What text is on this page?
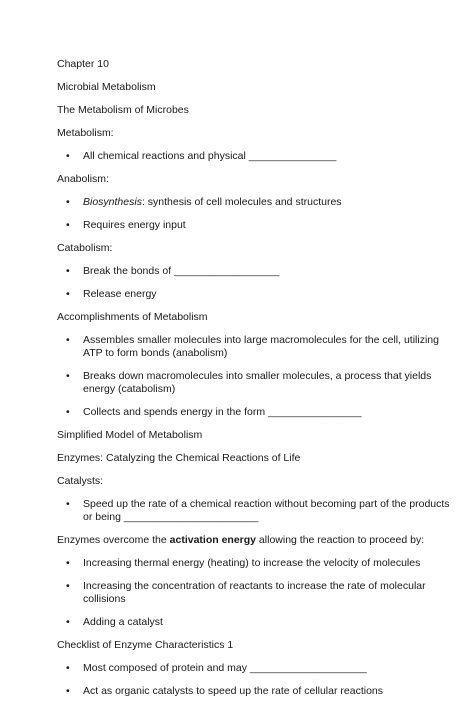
Chapter 10
Microbial Metabolism
The Metabolism of Microbes
Metabolism:
• All chemical reactions and physical _______________
Anabolism:
• Biosynthesis: synthesis of cell molecules and structures
• Requires energy input
Catabolism:
• Break the bonds of __________________
• Release energy
Accomplishments of Metabolism
• Assembles smaller molecules into large macromolecules for the cell, utilizing
ATP to form bonds (anabolism)
• Breaks down macromolecules into smaller molecules, a process that yields
energy (catabolism)
• Collects and spends energy in the form ________________
Simplified Model of Metabolism
Enzymes: Catalyzing the Chemical Reactions of Life
Catalysts:
• Speed up the rate of a chemical reaction without becoming part of the products
or being _______________________
Enzymes overcome the activation energy allowing the reaction to proceed by:
• Increasing thermal energy (heating) to increase the velocity of molecules
• Increasing the concentration of reactants to increase the rate of molecular
collisions
• Adding a catalyst
Checklist of Enzyme Characteristics 1
• Most composed of protein and may ____________________
• Act as organic catalysts to speed up the rate of cellular reactions
